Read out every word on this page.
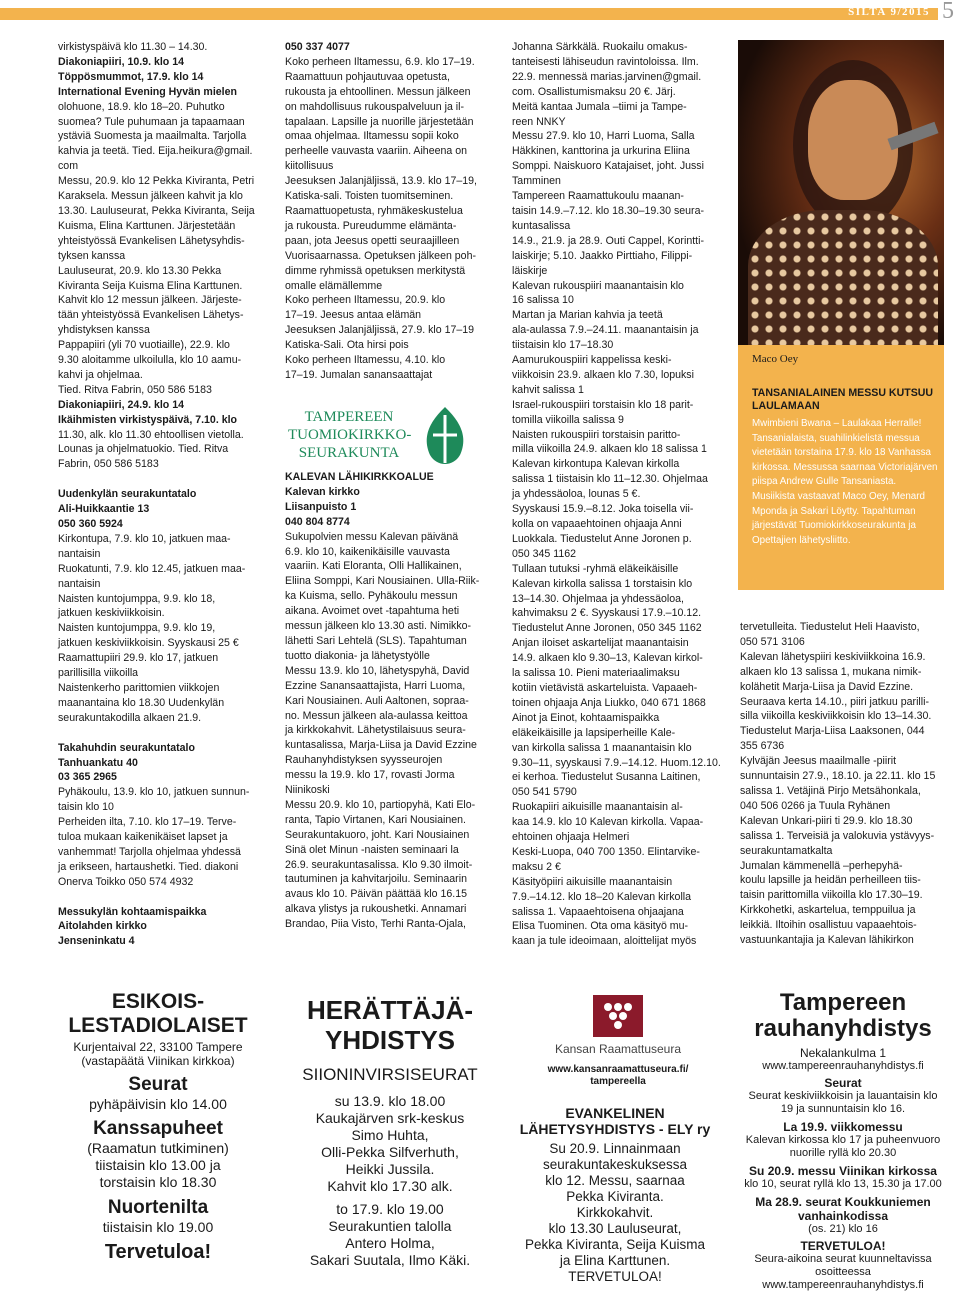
SILTA 9/2015 5

virkistyspäivä klo 11.30 – 14.30.

Diakoniapiiri, 10.9. klo 14

Töppösmummot, 17.9. klo 14

International Evening Hyvän mielen

olohuone, 18.9. klo 18–20. Puhutko

suomea? Tule puhumaan ja tapaamaan

ystäviä Suomesta ja maailmalta. Tarjolla

kahvia ja teetä. Tied. Eija.heikura@gmail.

com

Messu, 20.9. klo 12 Pekka Kiviranta, Petri

Karaksela. Messun jälkeen kahvit ja klo

13.30. Lauluseurat, Pekka Kiviranta, Seija

Kuisma, Elina Karttunen. Järjestetään

yhteistyössä Evankelisen Lähetysyhdis-

tyksen kanssa

Lauluseurat, 20.9. klo 13.30 Pekka

Kiviranta Seija Kuisma Elina Karttunen.

Kahvit klo 12 messun jälkeen. Järjeste-

tään yhteistyössä Evankelisen Lähetys-

yhdistyksen kanssa

Pappapiiri (yli 70 vuotiaille), 22.9. klo

9.30 aloitamme ulkoilulla, klo 10 aamu-

kahvi ja ohjelmaa.

Tied. Ritva Fabrin, 050 586 5183

Diakoniapiiri, 24.9. klo 14

Ikäihmisten virkistyspäivä, 7.10. klo

11.30, alk. klo 11.30 ehtoollisen vietolla.

Lounas ja ohjelmatuokio. Tied. Ritva

Fabrin, 050 586 5183

Uudenkylän seurakuntatalo

Ali-Huikkaantie 13

050 360 5924

Kirkontupa, 7.9. klo 10, jatkuen maa-

nantaisin

Ruokatunti, 7.9. klo 12.45, jatkuen maa-

nantaisin

Naisten kuntojumppa, 9.9. klo 18,

jatkuen keskiviikkoisin.

Naisten kuntojumppa, 9.9. klo 19,

jatkuen keskiviikkoisin. Syyskausi 25 €

Raamattupiiri 29.9. klo 17, jatkuen

parillisilla viikoilla

Naistenkerho parittomien viikkojen

maanantaina klo 18.30 Uudenkylän

seurakuntakodilla alkaen 21.9.

Takahuhdin seurakuntatalo

Tanhuankatu 40

03 365 2965

Pyhäkoulu, 13.9. klo 10, jatkuen sunnun-

taisin klo 10

Perheiden ilta, 7.10. klo 17–19. Terve-

tuloa mukaan kaikenikäiset lapset ja

vanhemmat! Tarjolla ohjelmaa yhdessä

ja erikseen, hartaushetki. Tied. diakoni

Onerva Toikko 050 574 4932

Messukylän kohtaamispaikka

Aitolahden kirkko

Jenseninkatu 4

050 337 4077

Koko perheen Iltamessu, 6.9. klo 17–19.

Raamattuun pohjautuvaa opetusta,

rukousta ja ehtoollinen. Messun jälkeen

on mahdollisuus rukouspalveluun ja il-

tapalaan. Lapsille ja nuorille järjestetään

omaa ohjelmaa. Iltamessu sopii koko

perheelle vauvasta vaariin. Aiheena on

kiitollisuus

Jeesuksen Jalanjäljissä, 13.9. klo 17–19,

Katiska-sali. Toisten tuomitseminen.

Raamattuopetusta, ryhmäkeskustelua

ja rukousta. Pureudumme elämänta-

paan, jota Jeesus opetti seuraajilleen

Vuorisaarnassa. Opetuksen jälkeen poh-

dimme ryhmissä opetuksen merkitystä

omalle elämällemme

Koko perheen Iltamessu, 20.9. klo

17–19. Jeesus antaa elämän

Jeesuksen Jalanjäljissä, 27.9. klo 17–19

Katiska-Sali. Ota hirsi pois

Koko perheen Iltamessu, 4.10. klo

17–19. Jumalan sanansaattajat

TAMPEREEN
TUOMIOKIRKKO-
SEURAKUNTA

KALEVAN LÄHIKIRKKOALUE

Kalevan kirkko

Liisanpuisto 1

040 804 8774

Sukupolvien messu Kalevan päivänä

6.9. klo 10, kaikenikäisille vauvasta

vaariin. Kati Eloranta, Olli Hallikainen,

Eliina Somppi, Kari Nousiainen. Ulla-Riik-

ka Kuisma, sello. Pyhäkoulu messun

aikana. Avoimet ovet -tapahtuma heti

messun jälkeen klo 13.30 asti. Nimikko-

lähetti Sari Lehtelä (SLS). Tapahtuman

tuotto diakonia- ja lähetystyölle

Messu 13.9. klo 10, lähetyspyhä, David

Ezzine Sanansaattajista, Harri Luoma,

Kari Nousiainen. Auli Aaltonen, sopraa-

no. Messun jälkeen ala-aulassa keittoa

ja kirkkokahvit. Lähetystilaisuus seura-

kuntasalissa, Marja-Liisa ja David Ezzine

Rauhanyhdistyksen syysseurojen

messu la 19.9. klo 17, rovasti Jorma

Niinikoski

Messu 20.9. klo 10, partiopyhä, Kati Elo-

ranta, Tapio Virtanen, Kari Nousiainen.

Seurakuntakuoro, joht. Kari Nousiainen

Sinä olet Minun -naisten seminaari la

26.9. seurakuntasalissa. Klo 9.30 ilmoit-

tautuminen ja kahvitarjoilu. Seminaarin

avaus klo 10. Päivän päättää klo 16.15

alkava ylistys ja rukoushetki. Annamari

Brandao, Piia Visto, Terhi Ranta-Ojala,

Johanna Särkkälä. Ruokailu omakus-

tanteisesti lähiseudun ravintoloissa. Ilm.

22.9. mennessä marias.jarvinen@gmail.

com. Osallistumismaksu 20 €. Järj.

Meitä kantaa Jumala –tiimi ja Tampe-

reen NNKY

Messu 27.9. klo 10, Harri Luoma, Salla

Häkkinen, kanttorina ja urkurina Eliina

Somppi. Naiskuoro Katajaiset, joht. Jussi

Tamminen

Tampereen Raamattukoulu maanan-

taisin 14.9.–7.12. klo 18.30–19.30 seura-

kuntasalissa

14.9., 21.9. ja 28.9. Outi Cappel, Korintti-

laiskirje; 5.10. Jaakko Pirttiaho, Filippi-

läiskirje

Kalevan rukouspiiri maanantaisin klo

16 salissa 10

Martan ja Marian kahvia ja teetä

ala-aulassa 7.9.–24.11. maanantaisin ja

tiistaisin klo 17–18.30

Aamurukouspiiri kappelissa keski-

viikkoisin 23.9. alkaen klo 7.30, lopuksi

kahvit salissa 1

Israel-rukouspiiri torstaisin klo 18 parit-

tomilla viikoilla salissa 9

Naisten rukouspiiri torstaisin paritto-

milla viikoilla 24.9. alkaen klo 18 salissa 1

Kalevan kirkontupa Kalevan kirkolla

salissa 1 tiistaisin klo 11–12.30. Ohjelmaa

ja yhdessäoloa, lounas 5 €.

Syyskausi 15.9.–8.12. Joka toisella vii-

kolla on vapaaehtoinen ohjaaja Anni

Luokkala. Tiedustelut Anne Joronen p.

050 345 1162

Tullaan tutuksi -ryhmä eläkeikäisille

Kalevan kirkolla salissa 1 torstaisin klo

13–14.30. Ohjelmaa ja yhdessäoloa,

kahvimaksu 2 €. Syyskausi 17.9.–10.12.

Tiedustelut Anne Joronen, 050 345 1162

Anjan iloiset askartelijat maanantaisin

14.9. alkaen klo 9.30–13, Kalevan kirkol-

la salissa 10. Pieni materiaalimaksu

kotiin vietävistä askarteluista. Vapaaeh-

toinen ohjaaja Anja Liukko, 040 671 1868

Ainot ja Einot, kohtaamispaikka

eläkeikäisille ja lapsiperheille Kale-

van kirkolla salissa 1 maanantaisin klo

9.30–11, syyskausi 7.9.–14.12. Huom.12.10.

ei kerhoa. Tiedustelut Susanna Laitinen,

050 541 5790

Ruokapiiri aikuisille maanantaisin al-

kaa 14.9. klo 10 Kalevan kirkolla. Vapaa-

ehtoinen ohjaaja Helmeri

Keski-Luopa, 040 700 1350. Elintarvike-

maksu 2 €

Käsityöpiiri aikuisille maanantaisin

7.9.–14.12. klo 18–20 Kalevan kirkolla

salissa 1. Vapaaehtoisena ohjaajana

Elisa Tuominen. Ota oma käsityö mu-

kaan ja tule ideoimaan, aloittelijat myös

Maco Oey
TANSANIALAINEN MESSU KUTSUU LAULAMAAN
Mwimbieni Bwana – Laulakaa Herralle! Tansanialaista, suahilinkielistä messua vietetään torstaina 17.9. klo 18 Vanhassa kirkossa. Messussa saarnaa Victoriajärven piispa Andrew Gulle Tansaniasta. Musiikista vastaavat Maco Oey, Menard Mponda ja Sakari Löytty. Tapahtuman järjestävät Tuomiokirkkoseurakunta ja Opettajien lähetysliitto.

tervetulleita. Tiedustelut Heli Haavisto,

050 571 3106

Kalevan lähetyspiiri keskiviikkoina 16.9.

alkaen klo 13 salissa 1, mukana nimik-

kolähetit Marja-Liisa ja David Ezzine.

Seuraava kerta 14.10., piiri jatkuu parilli-

silla viikoilla keskiviikkoisin klo 13–14.30.

Tiedustelut Marja-Liisa Laaksonen, 044

355 6736

Kylväjän Jeesus maailmalle -piirit

sunnuntaisin 27.9., 18.10. ja 22.11. klo 15

salissa 1. Vetäjinä Pirjo Metsähonkala,

040 506 0266 ja Tuula Ryhänen

Kalevan Unkari-piiri ti 29.9. klo 18.30

salissa 1. Terveisiä ja valokuvia ystävyys-

seurakuntamatkalta

Jumalan kämmenellä –perhepyhä-

koulu lapsille ja heidän perheilleen tiis-

taisin parittomilla viikoilla klo 17.30–19.

Kirkkohetki, askartelua, temppuilua ja

leikkiä. Iltoihin osallistuu vapaaehtois-

vastuunkantajia ja Kalevan lähikirkon

ESIKOIS-
LESTADIOLAISET
Kurjentaival 22, 33100 Tampere
(vastapäätä Viinikan kirkkoa)
Seurat
pyhäpäivisin klo 14.00
Kanssapuheet
(Raamatun tutkiminen)
tiistaisin klo 13.00 ja
torstaisin klo 18.30
Nuortenilta
tiistaisin klo 19.00
Tervetuloa!
HERÄTTÄJÄ-
YHDISTYS
SIIONINVIRSISEURAT
su 13.9. klo 18.00
Kaukajärven srk-keskus
Simo Huhta,
Olli-Pekka Silfverhuth,
Heikki Jussila.
Kahvit klo 17.30 alk.
to 17.9. klo 19.00
Seurakuntien talolla
Antero Holma,
Sakari Suutala, Ilmo Käki.
Kansan Raamattuseura
www.kansanraamattuseura.fi/
tampereella
EVANKELINEN
LÄHETYSYHDISTYS - ELY ry
Su 20.9. Linnainmaan
seurakuntakeskuksessa
klo 12. Messu, saarnaa
Pekka Kiviranta.
Kirkkokahvit.
klo 13.30 Lauluseurat,
Pekka Kiviranta, Seija Kuisma
ja Elina Karttunen.
TERVETULOA!
Tampereen
rauhanyhdistys
Nekalankulma 1
www.tampereenrauhanyhdistys.fi
Seurat
Seurat keskiviikkoisin ja lauantaisin klo
19 ja sunnuntaisin klo 16.
La 19.9. viikkomessu
Kalevan kirkossa klo 17 ja puheenvuoro
nuorille ryllä klo 20.30
Su 20.9. messu Viinikan kirkossa
klo 10, seurat ryllä klo 13, 15.30 ja 17.00
Ma 28.9. seurat Koukkuniemen
vanhainkodissa
(os. 21) klo 16
TERVETULOA!
Seura-aikoina seurat kuunneltavissa
osoitteessa
www.tampereenrauhanyhdistys.fi
